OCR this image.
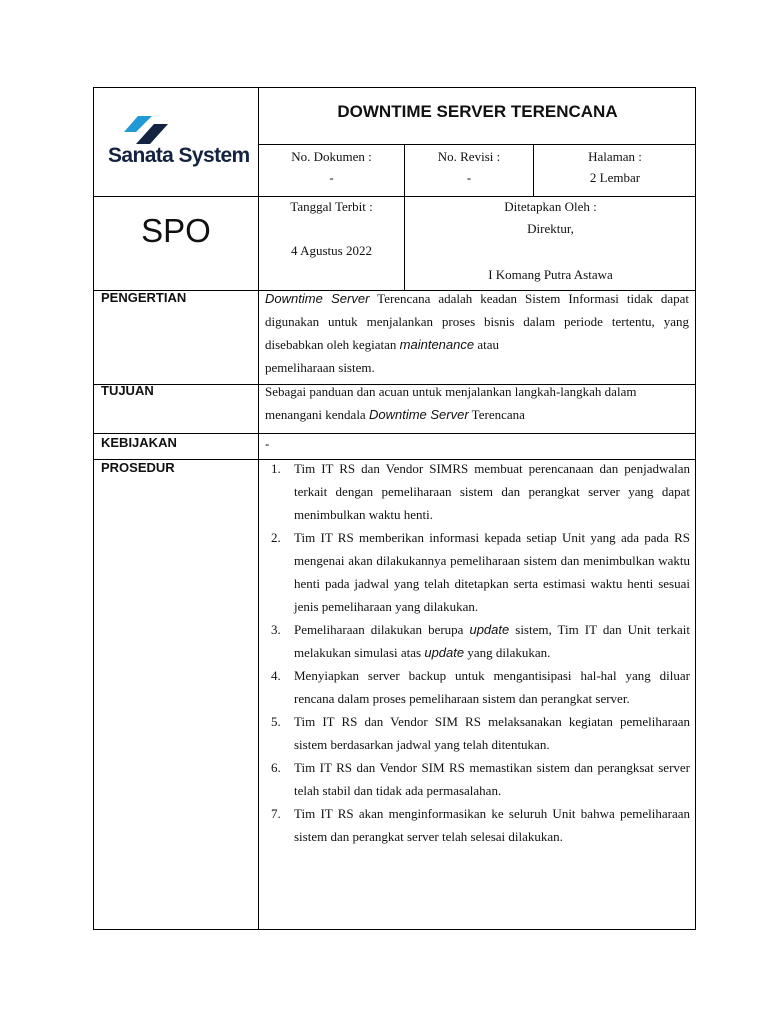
Sanata System
DOWNTIME SERVER TERENCANA
No. Dokumen :
-
No. Revisi :
-
Halaman :
2 Lembar
SPO
Tanggal Terbit :
4 Agustus 2022
Ditetapkan Oleh :
Direktur,
I Komang Putra Astawa
PENGERTIAN	Downtime Server Terencana adalah keadan Sistem Informasi tidak dapat digunakan untuk menjalankan proses bisnis dalam periode tertentu, yang disebabkan oleh kegiatan maintenance atau
pemeliharaan sistem.
TUJUAN	Sebagai panduan dan acuan untuk menjalankan langkah-langkah dalam menangani kendala Downtime Server Terencana
KEBIJAKAN	-
PROSEDUR	1. Tim IT RS dan Vendor SIMRS membuat perencanaan dan penjadwalan terkait dengan pemeliharaan sistem dan perangkat server yang dapat menimbulkan waktu henti.
2. Tim IT RS memberikan informasi kepada setiap Unit yang ada pada RS mengenai akan dilakukannya pemeliharaan sistem dan menimbulkan waktu henti pada jadwal yang telah ditetapkan serta estimasi waktu henti sesuai jenis pemeliharaan yang dilakukan.
3. Pemeliharaan dilakukan berupa update sistem, Tim IT dan Unit terkait melakukan simulasi atas update yang dilakukan.
4. Menyiapkan server backup untuk mengantisipasi hal-hal yang diluar rencana dalam proses pemeliharaan sistem dan perangkat server.
5. Tim IT RS dan Vendor SIM RS melaksanakan kegiatan pemeliharaan sistem berdasarkan jadwal yang telah ditentukan.
6. Tim IT RS dan Vendor SIM RS memastikan sistem dan perangksat server telah stabil dan tidak ada permasalahan.
7. Tim IT RS akan menginformasikan ke seluruh Unit bahwa pemeliharaan sistem dan perangkat server telah selesai dilakukan.
